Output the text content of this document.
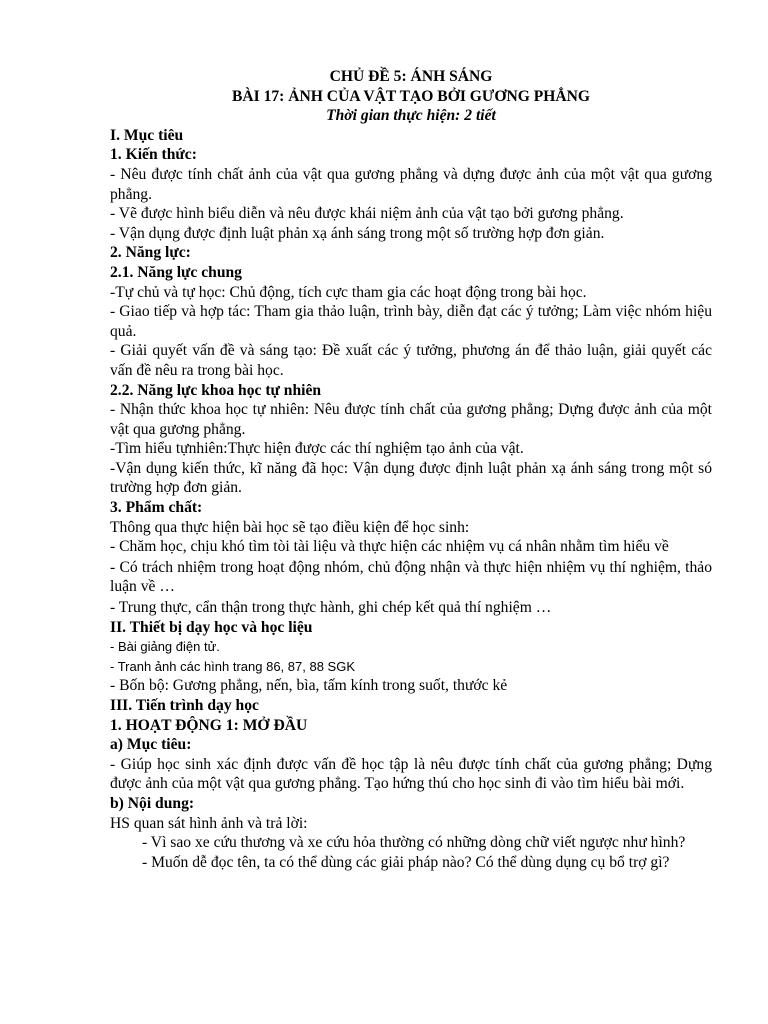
CHỦ ĐỀ 5: ÁNH SÁNG

BÀI 17: ẢNH CỦA VẬT TẠO BỞI GƯƠNG PHẲNG

Thời gian thực hiện: 2 tiết

I. Mục tiêu

1. Kiến thức:

- Nêu được tính chất ảnh của vật qua gương phẳng và dựng được ảnh của một vật qua gương phẳng.

- Vẽ được hình biểu diễn và nêu được khái niệm ảnh của vật tạo bởi gương phẳng.

- Vận dụng được định luật phản xạ ánh sáng trong một số trường hợp đơn giản.

2. Năng lực:

2.1. Năng lực chung

-Tự chủ và tự học: Chủ động, tích cực tham gia các hoạt động trong bài học.

- Giao tiếp và hợp tác: Tham gia thảo luận, trình bày, diễn đạt các ý tưởng; Làm việc nhóm hiệu quả.

- Giải quyết vấn đề và sáng tạo: Đề xuất các ý tưởng, phương án để thảo luận, giải quyết các vấn đề nêu ra trong bài học.

2.2. Năng lực khoa học tự nhiên

- Nhận thức khoa học tự nhiên: Nêu được tính chất của gương phẳng; Dựng được ảnh của một vật qua gương phẳng.

-Tìm hiểu tựnhiên:Thực hiện được các thí nghiệm tạo ảnh của vật.

-Vận dụng kiến thức, kĩ năng đã học: Vận dụng được định luật phản xạ ánh sáng trong một só trường hợp đơn giản.

3. Phẩm chất:

Thông qua thực hiện bài học sẽ tạo điều kiện để học sinh:

- Chăm học, chịu khó tìm tòi tài liệu và thực hiện các nhiệm vụ cá nhân nhằm tìm hiểu về

- Có trách nhiệm trong hoạt động nhóm, chủ động nhận và thực hiện nhiệm vụ thí nghiệm, thảo luận về …

- Trung thực, cẩn thận trong thực hành, ghi chép kết quả thí nghiệm …

II. Thiết bị dạy học và học liệu

- Bài giảng điện tử.

- Tranh ảnh các hình trang 86, 87, 88 SGK

- Bốn bộ: Gương phẳng, nến, bìa, tấm kính trong suốt, thước kẻ

III. Tiến trình dạy học

1. HOẠT ĐỘNG 1: MỞ ĐẦU

a) Mục tiêu:

- Giúp học sinh xác định được vấn đề học tập là nêu được tính chất của gương phẳng; Dựng được ảnh của một vật qua gương phẳng. Tạo hứng thú cho học sinh đi vào tìm hiểu bài mới.

b) Nội dung:

HS quan sát hình ảnh và trả lời:

- Vì sao xe cứu thương và xe cứu hỏa thường có những dòng chữ viết ngược như hình?

- Muốn dễ đọc tên, ta có thể dùng các giải pháp nào? Có thể dùng dụng cụ bổ trợ gì?
